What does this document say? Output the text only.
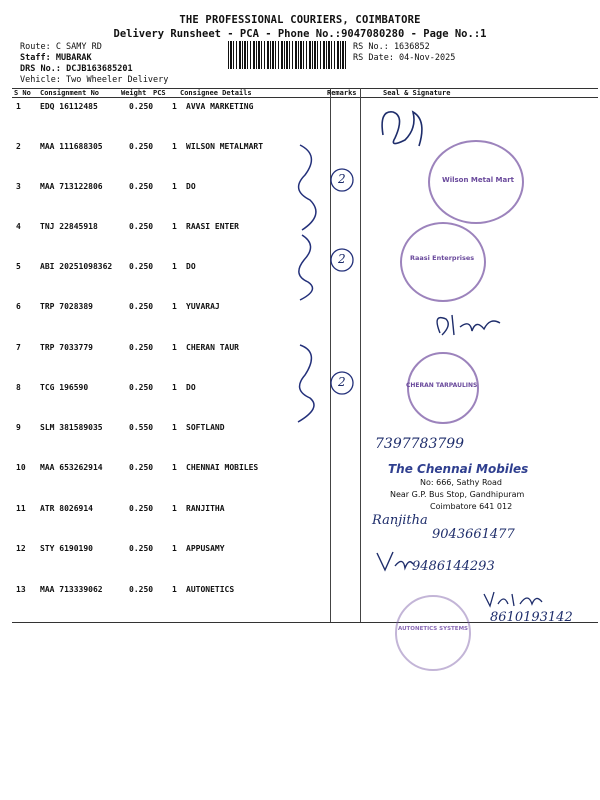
THE PROFESSIONAL COURIERS, COIMBATORE
Delivery Runsheet - PCA - Phone No.:9047080280 - Page No.:1
Route: C SAMY RD
Staff: MUBARAK
DRS No.: DCJB163685201
Vehicle: Two Wheeler Delivery
RS No.: 1636852
RS Date: 04-Nov-2025
S No Consignment No	Weight PCS Consignee Details	Remarks	Seal & Signature
1 EDQ 16112485	0.250 1 AVVA MARKETING
2 MAA 111688305	0.250 1 WILSON METALMART
3 MAA 713122806	0.250 1 DO
4 TNJ 22845918	0.250 1 RAASI ENTER
5 ABI 20251098362 0.250 1 DO
6 TRP 7028389	0.250 1 YUVARAJ
7 TRP 7033779	0.250 1 CHERAN TAUR
8 TCG 196590	0.250 1 DO
9 SLM 381589035	0.550 1 SOFTLAND
10 MAA 653262914	0.250 1 CHENNAI MOBILES
11 ATR 8026914	0.250 1 RANJITHA
12 STY 6190190	0.250 1 APPUSAMY
13 MAA 713339062	0.250 1 AUTONETICS
2
2
2
Wilson Metal Mart
Raasi Enterprises
CHERAN TARPAULINS
7397783799
The Chennai Mobiles
No: 666, Sathy Road
Near G.P. Bus Stop, Gandhipuram
Coimbatore 641 012
Ranjitha
9043661477
9486144293
AUTONETICS SYSTEMS
8610193142
